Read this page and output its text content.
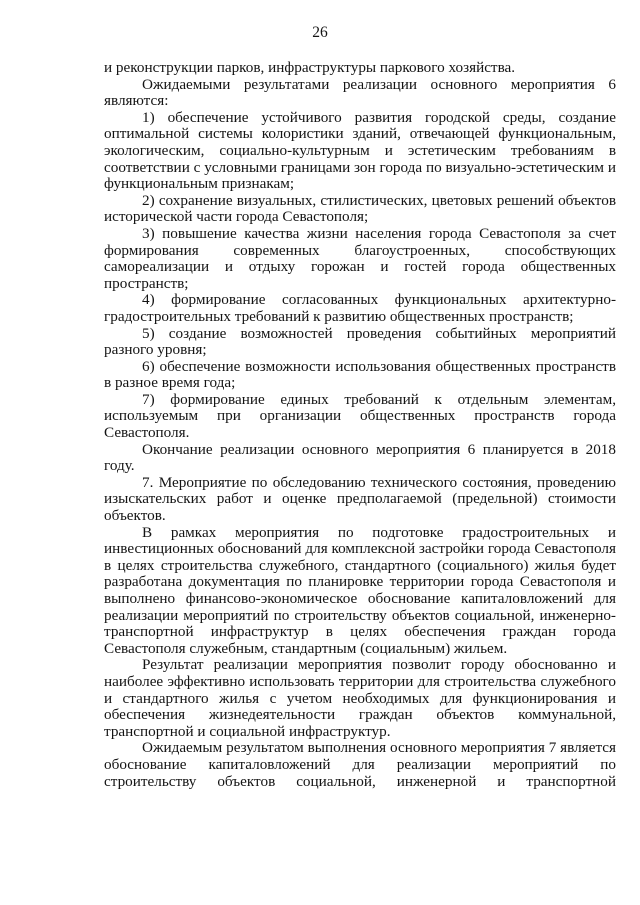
26

и реконструкции парков, инфраструктуры паркового хозяйства.

Ожидаемыми результатами реализации основного мероприятия 6 являются:

1) обеспечение устойчивого развития городской среды, создание оптимальной системы колористики зданий, отвечающей функциональным, экологическим, социально-культурным и эстетическим требованиям в соответствии с условными границами зон города по визуально-эстетическим и функциональным признакам;

2) сохранение визуальных, стилистических, цветовых решений объектов исторической части города Севастополя;

3) повышение качества жизни населения города Севастополя за счет формирования современных благоустроенных, способствующих самореализации и отдыху горожан и гостей города общественных пространств;

4) формирование согласованных функциональных архитектурно-градостроительных требований к развитию общественных пространств;

5) создание возможностей проведения событийных мероприятий разного уровня;

6) обеспечение возможности использования общественных пространств в разное время года;

7) формирование единых требований к отдельным элементам, используемым при организации общественных пространств города Севастополя.

Окончание реализации основного мероприятия 6 планируется в 2018 году.

7. Мероприятие по обследованию технического состояния, проведению изыскательских работ и оценке предполагаемой (предельной) стоимости объектов.

В рамках мероприятия по подготовке градостроительных и инвестиционных обоснований для комплексной застройки города Севастополя в целях строительства служебного, стандартного (социального) жилья будет разработана документация по планировке территории города Севастополя и выполнено финансово-экономическое обоснование капиталовложений для реализации мероприятий по строительству объектов социальной, инженерно-транспортной инфраструктур в целях обеспечения граждан города Севастополя служебным, стандартным (социальным) жильем.

Результат реализации мероприятия позволит городу обоснованно и наиболее эффективно использовать территории для строительства служебного и стандартного жилья с учетом необходимых для функционирования и обеспечения жизнедеятельности граждан объектов коммунальной, транспортной и социальной инфраструктур.

Ожидаемым результатом выполнения основного мероприятия 7 является обоснование капиталовложений для реализации мероприятий по строительству объектов социальной, инженерной и транспортной
